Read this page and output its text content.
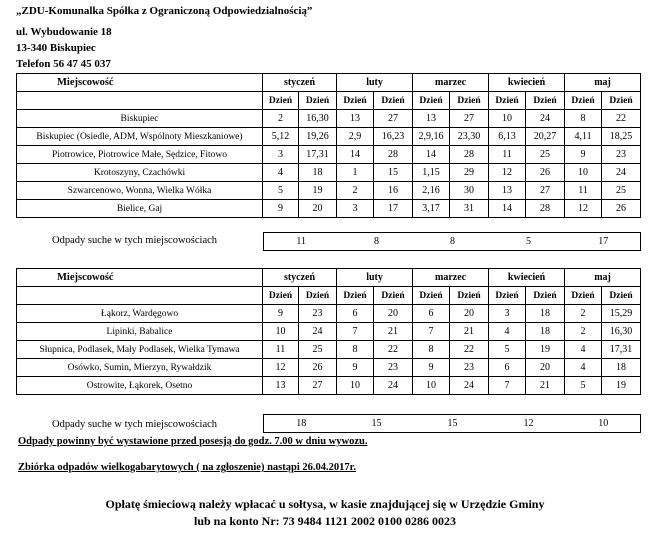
„ZDU-Komunalka Spółka z Ograniczoną Odpowiedzialnością”
ul. Wybudowanie 18
13-340 Biskupiec
Telefon 56 47 45 037
Miejscowość	styczeń		luty		marzec		kwiecień		maj	
	Dzień	Dzień	Dzień	Dzień	Dzień	Dzień	Dzień	Dzień	Dzień	Dzień
Biskupiec	2	16,30	13	27	13	27	10	24	8	22
Biskupiec (Osiedle, ADM, Wspólnoty Mieszkaniowe)	5,12	19,26	2,9	16,23	2,9,16	23,30	6,13	20,27	4,11	18,25
Piotrowice, Piotrowice Małe, Sędzice, Fitowo	3	17,31	14	28	14	28	11	25	9	23
Krotoszyny, Czachówki	4	18	1	15	1,15	29	12	26	10	24
Szwarcenowo, Wonna, Wielka Wółka	5	19	2	16	2,16	30	13	27	11	25
Bielice, Gaj	9	20	3	17	3,17	31	14	28	12	26
Odpady suche w tych miejscowościach	11	8	8	5	17
Miejscowość	styczeń		luty		marzec		kwiecień		maj	
	Dzień	Dzień	Dzień	Dzień	Dzień	Dzień	Dzień	Dzień	Dzień	Dzień
Łąkorz, Wardęgowo	9	23	6	20	6	20	3	18	2	15,29
Lipinki, Babalice	10	24	7	21	7	21	4	18	2	16,30
Słupnica, Podlasek, Mały Podlasek, Wielka Tymawa	11	25	8	22	8	22	5	19	4	17,31
Osówko, Sumin, Mierzyn, Rywałdzik	12	26	9	23	9	23	6	20	4	18
Ostrowite, Łąkorek, Osetno	13	27	10	24	10	24	7	21	5	19
Odpady suche w tych miejscowościach	18	15	15	12	10
Odpady powinny być wystawione przed posesją do godz. 7.00 w dniu wywozu.
Zbiórka odpadów wielkogabarytowych ( na zgłoszenie) nastąpi 26.04.2017r.
Opłatę śmieciową należy wpłacać u sołtysa, w kasie znajdującej się w Urzędzie Gminy
lub na konto Nr: 73 9484 1121 2002 0100 0286 0023
